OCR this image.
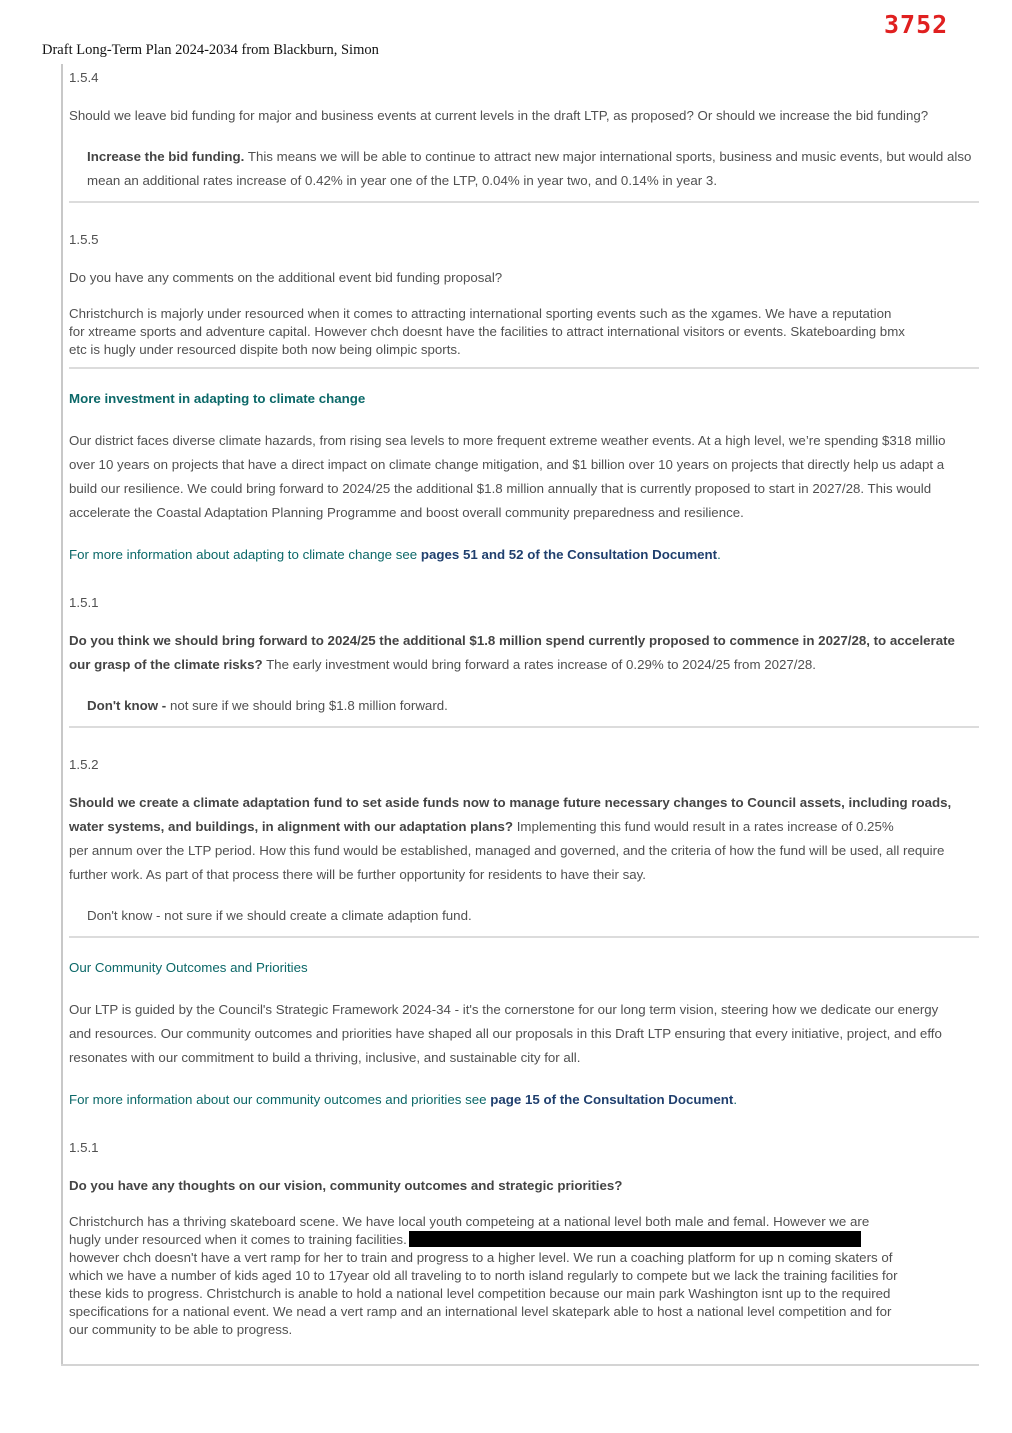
3752
Draft Long-Term Plan 2024-2034 from Blackburn, Simon

1.5.4

Should we leave bid funding for major and business events at current levels in the draft LTP, as proposed? Or should we increase the bid funding?

Increase the bid funding. This means we will be able to continue to attract new major international sports, business and music events, but would also mean an additional rates increase of 0.42% in year one of the LTP, 0.04% in year two, and 0.14% in year 3.

1.5.5

Do you have any comments on the additional event bid funding proposal?

Christchurch is majorly under resourced when it comes to attracting international sporting events such as the xgames. We have a reputation for xtreame sports and adventure capital. However chch doesnt have the facilities to attract international visitors or events. Skateboarding bmx etc is hugly under resourced dispite both now being olimpic sports.

More investment in adapting to climate change

Our district faces diverse climate hazards, from rising sea levels to more frequent extreme weather events. At a high level, we’re spending $318 millio
over 10 years on projects that have a direct impact on climate change mitigation, and $1 billion over 10 years on projects that directly help us adapt a
build our resilience. We could bring forward to 2024/25 the additional $1.8 million annually that is currently proposed to start in 2027/28. This would
accelerate the Coastal Adaptation Planning Programme and boost overall community preparedness and resilience.

For more information about adapting to climate change see pages 51 and 52 of the Consultation Document.

1.5.1

Do you think we should bring forward to 2024/25 the additional $1.8 million spend currently proposed to commence in 2027/28, to accelerate our grasp of the climate risks? The early investment would bring forward a rates increase of 0.29% to 2024/25 from 2027/28.

Don't know - not sure if we should bring $1.8 million forward.

1.5.2

Should we create a climate adaptation fund to set aside funds now to manage future necessary changes to Council assets, including roads, water systems, and buildings, in alignment with our adaptation plans? Implementing this fund would result in a rates increase of 0.25%

per annum over the LTP period. How this fund would be established, managed and governed, and the criteria of how the fund will be used, all require
further work. As part of that process there will be further opportunity for residents to have their say.

Don't know - not sure if we should create a climate adaption fund.

Our Community Outcomes and Priorities

Our LTP is guided by the Council's Strategic Framework 2024-34 - it's the cornerstone for our long term vision, steering how we dedicate our energy
and resources. Our community outcomes and priorities have shaped all our proposals in this Draft LTP ensuring that every initiative, project, and effo
resonates with our commitment to build a thriving, inclusive, and sustainable city for all.

For more information about our community outcomes and priorities see page 15 of the Consultation Document.

1.5.1

Do you have any thoughts on our vision, community outcomes and strategic priorities?

Christchurch has a thriving skateboard scene. We have local youth competeing at a national level both male and femal. However we are hugly under resourced when it comes to training facilities.
however chch doesn't have a vert ramp for her to train and progress to a higher level. We run a coaching platform for up n coming skaters of which we have a number of kids aged 10 to 17year old all traveling to to north island regularly to compete but we lack the training facilities for these kids to progress. Christchurch is anable to hold a national level competition because our main park Washington isnt up to the required specifications for a national event. We nead a vert ramp and an international level skatepark able to host a national level competition and for our community to be able to progress.
